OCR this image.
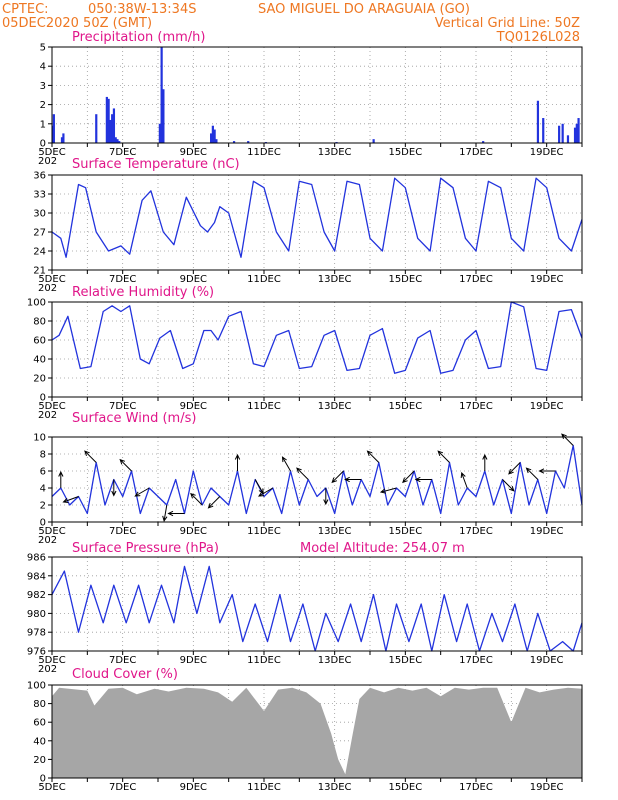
CPTEC:	050:38W-13:34S	SAO MIGUEL DO ARAGUAIA (GO)
05DEC2020 50Z (GMT)	Vertical Grid Line: 50Z
TQ0126L028
0
1
2
3
4
5
5DEC	7DEC	9DEC	11DEC	13DEC	15DEC	17DEC	19DEC
202
Precipitation (mm/h)
21
24
27
30
33
36
5DEC	7DEC	9DEC	11DEC	13DEC	15DEC	17DEC	19DEC
202
Surface Temperature (nC)
0
20
40
60
80
100
5DEC	7DEC	9DEC	11DEC	13DEC	15DEC	17DEC	19DEC
202
Relative Humidity (%)
0
2
4
6
8
10
5DEC	7DEC	9DEC	11DEC	13DEC	15DEC	17DEC	19DEC
202
Surface Wind (m/s)
976
978
980
982
984
986
5DEC	7DEC	9DEC	11DEC	13DEC	15DEC	17DEC	19DEC
202
Surface Pressure (hPa)	Model Altitude: 254.07 m
0
20
40
60
80
100
5DEC	7DEC	9DEC	11DEC	13DEC	15DEC	17DEC	19DEC
Cloud Cover (%)
